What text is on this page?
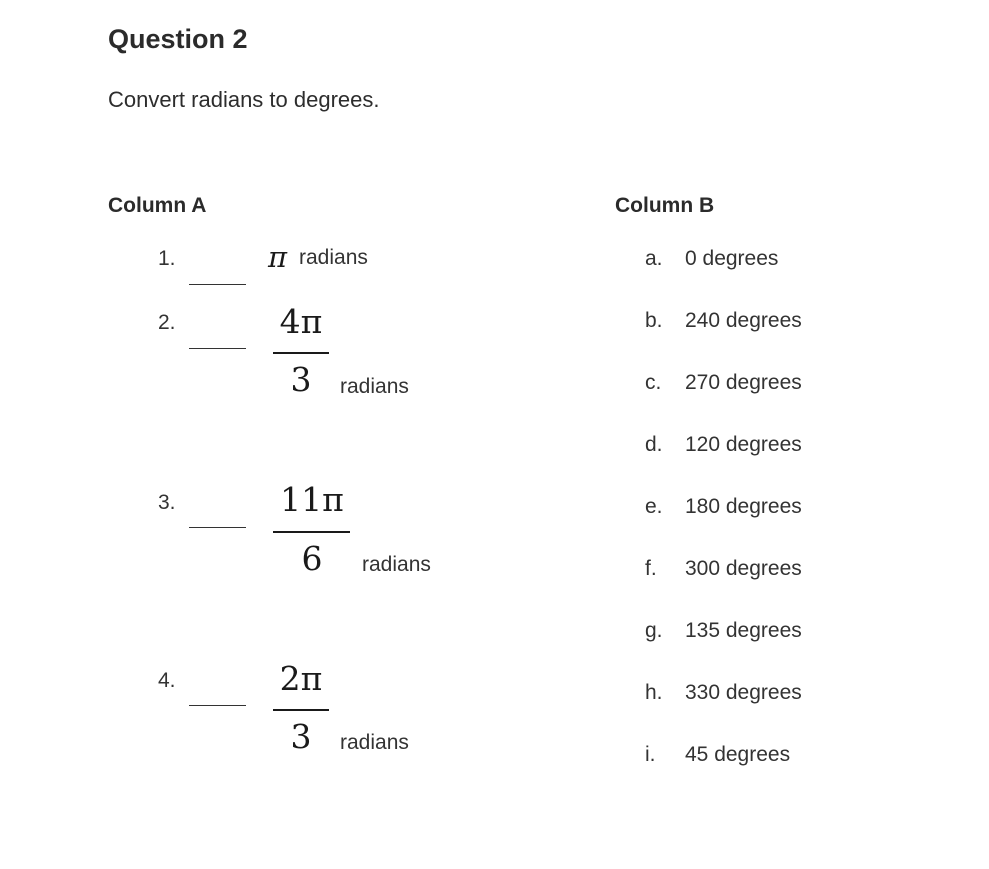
Question 2
Convert radians to degrees.
Column A	Column B
1.	π radians
2.	4π
3	radians
3.	11π
6	radians
4.	2π
3	radians
a. 0 degrees
b. 240 degrees
c. 270 degrees
d. 120 degrees
e. 180 degrees
f. 300 degrees
g. 135 degrees
h. 330 degrees
i. 45 degrees
